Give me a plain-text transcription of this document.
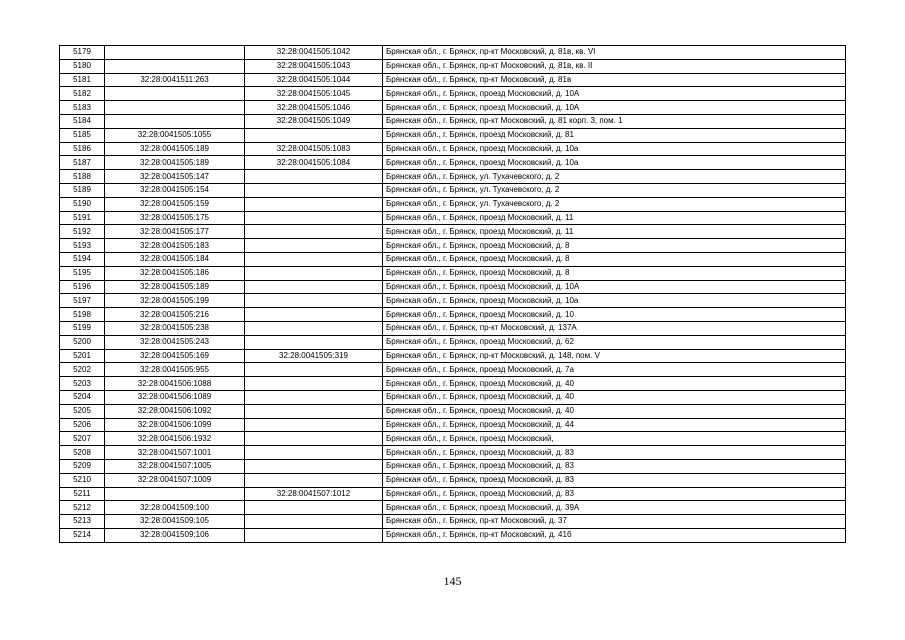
5179		32:28:0041505:1042	Брянская обл., г. Брянск, пр-кт Московский, д. 81в, кв. VI
5180		32:28:0041505:1043	Брянская обл., г. Брянск, пр-кт Московский, д. 81в, кв. II
5181	32:28:0041511:263	32:28:0041505:1044	Брянская обл., г. Брянск, пр-кт Московский, д. 81в
5182		32:28:0041505:1045	Брянская обл., г. Брянск, проезд Московский, д. 10А
5183		32:28:0041505:1046	Брянская обл., г. Брянск, проезд Московский, д. 10А
5184		32:28:0041505:1049	Брянская обл., г. Брянск, пр-кт Московский, д. 81 корп. 3, пом. 1
5185	32:28:0041505:1055		Брянская обл., г. Брянск, проезд Московский, д. 81
5186	32:28:0041505:189	32:28:0041505:1083	Брянская обл., г. Брянск, проезд Московский, д. 10а
5187	32:28:0041505:189	32:28:0041505:1084	Брянская обл., г. Брянск, проезд Московский, д. 10а
5188	32:28:0041505:147		Брянская обл., г. Брянск, ул. Тухачевского, д. 2
5189	32:28:0041505:154		Брянская обл., г. Брянск, ул. Тухачевского, д. 2
5190	32:28:0041505:159		Брянская обл., г. Брянск, ул. Тухачевского, д. 2
5191	32:28:0041505:175		Брянская обл., г. Брянск, проезд Московский, д. 11
5192	32:28:0041505:177		Брянская обл., г. Брянск, проезд Московский, д. 11
5193	32:28:0041505:183		Брянская обл., г. Брянск, проезд Московский, д. 8
5194	32:28:0041505:184		Брянская обл., г. Брянск, проезд Московский, д. 8
5195	32:28:0041505:186		Брянская обл., г. Брянск, проезд Московский, д. 8
5196	32:28:0041505:189		Брянская обл., г. Брянск, проезд Московский, д. 10А
5197	32:28:0041505:199		Брянская обл., г. Брянск, проезд Московский, д. 10а
5198	32:28:0041505:216		Брянская обл., г. Брянск, проезд Московский, д. 10
5199	32:28:0041505:238		Брянская обл., г. Брянск, пр-кт Московский, д. 137А
5200	32:28:0041505:243		Брянская обл., г. Брянск, проезд Московский, д. 62
5201	32:28:0041505:169	32:28:0041505:319	Брянская обл., г. Брянск, пр-кт Московский, д. 148, пом. V
5202	32:28:0041505:955		Брянская обл., г. Брянск, проезд Московский, д. 7а
5203	32:28:0041506:1088		Брянская обл., г. Брянск, проезд Московский, д. 40
5204	32:28:0041506:1089		Брянская обл., г. Брянск, проезд Московский, д. 40
5205	32:28:0041506:1092		Брянская обл., г. Брянск, проезд Московский, д. 40
5206	32:28:0041506:1099		Брянская обл., г. Брянск, проезд Московский, д. 44
5207	32:28:0041506:1932		Брянская обл., г. Брянск, проезд Московский,
5208	32:28:0041507:1001		Брянская обл., г. Брянск, проезд Московский, д. 83
5209	32:28:0041507:1005		Брянская обл., г. Брянск, проезд Московский, д. 83
5210	32:28:0041507:1009		Брянская обл., г. Брянск, проезд Московский, д. 83
5211		32:28:0041507:1012	Брянская обл., г. Брянск, проезд Московский, д. 83
5212	32:28:0041509:100		Брянская обл., г. Брянск, проезд Московский, д. 39А
5213	32:28:0041509:105		Брянская обл., г. Брянск, пр-кт Московский, д. 37
5214	32:28:0041509:106		Брянская обл., г. Брянск, пр-кт Московский, д. 41б
145
